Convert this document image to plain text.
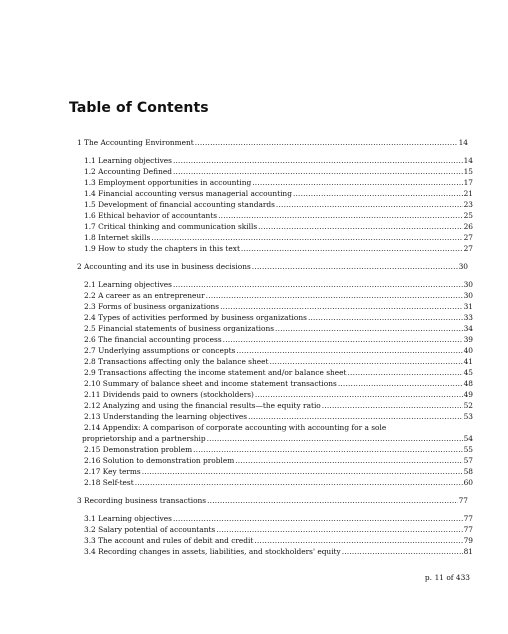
Table of Contents
1 The Accounting Environment .....	14
1.1 Learning objectives .....	14
1.2 Accounting Defined .....	15
1.3 Employment opportunities in accounting .....	17
1.4 Financial accounting versus managerial accounting .....	21
1.5 Development of financial accounting standards .....	23
1.6 Ethical behavior of accountants .....	25
1.7 Critical thinking and communication skills .....	26
1.8 Internet skills .....	27
1.9 How to study the chapters in this text .....	27
2 Accounting and its use in business decisions .....	30
2.1 Learning objectives .....	30
2.2 A career as an entrepreneur .....	30
2.3 Forms of business organizations .....	31
2.4 Types of activities performed by business organizations .....	33
2.5 Financial statements of business organizations .....	34
2.6 The financial accounting process .....	39
2.7 Underlying assumptions or concepts .....	40
2.8 Transactions affecting only the balance sheet .....	41
2.9 Transactions affecting the income statement and/or balance sheet .....	45
2.10 Summary of balance sheet and income statement transactions .....	48
2.11 Dividends paid to owners (stockholders) .....	49
2.12 Analyzing and using the financial results—the equity ratio .....	52
2.13 Understanding the learning objectives .....	53
2.14 Appendix: A comparison of corporate accounting with accounting for a sole
proprietorship and a partnership .....	54
2.15 Demonstration problem .....	55
2.16 Solution to demonstration problem .....	57
2.17 Key terms .....	58
2.18 Self-test .....	60
3 Recording business transactions .....	77
3.1 Learning objectives .....	77
3.2 Salary potential of accountants .....	77
3.3 The account and rules of debit and credit .....	79
3.4 Recording changes in assets, liabilities, and stockholders' equity .....	81
p. 11 of 433
